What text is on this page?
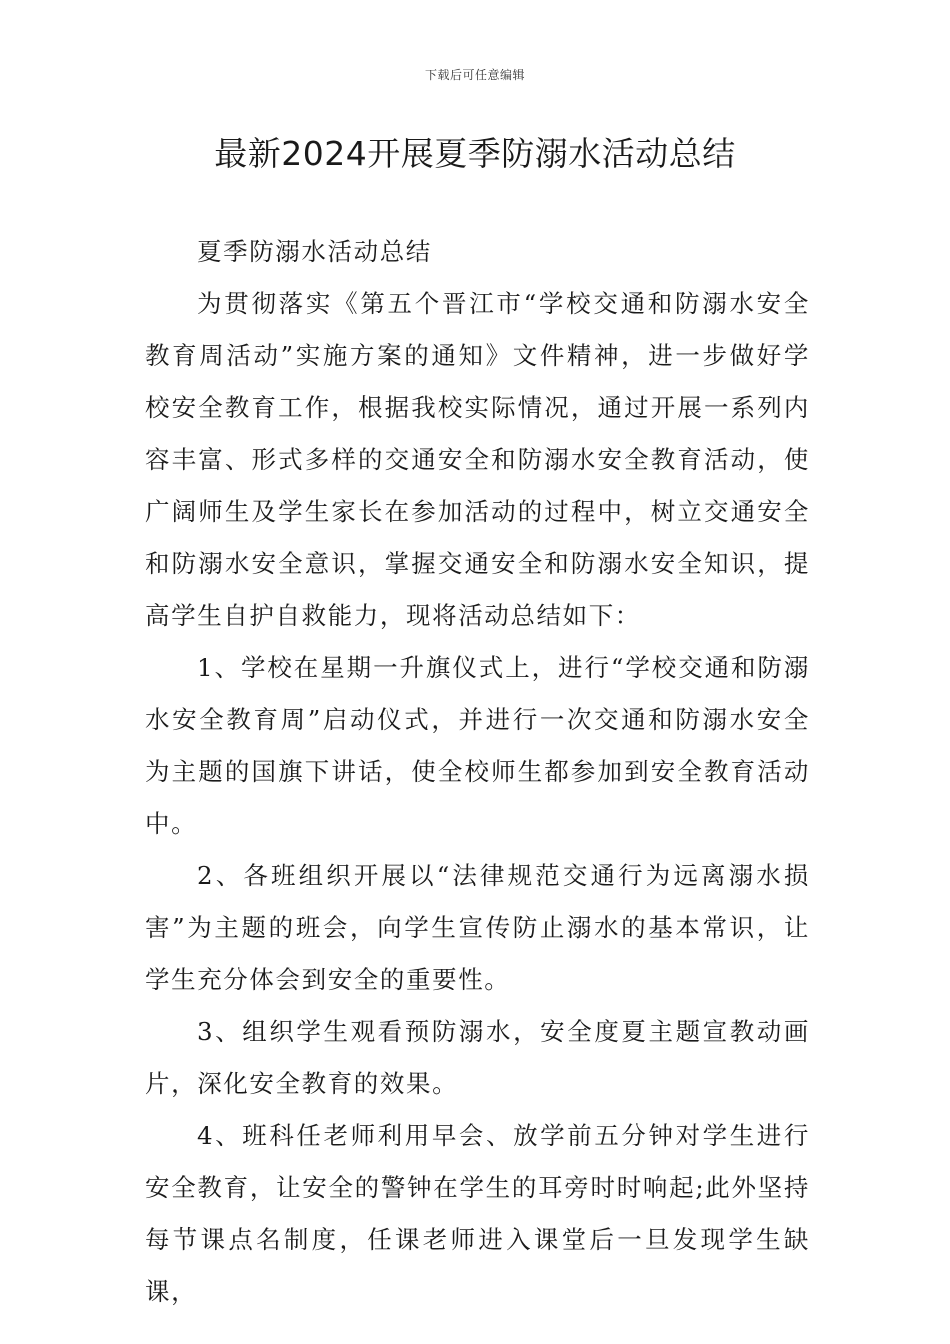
下载后可任意编辑
最新2024开展夏季防溺水活动总结

夏季防溺水活动总结

为贯彻落实《第五个晋江市“学校交通和防溺水安全教育周活动”实施方案的通知》文件精神，进一步做好学校安全教育工作，根据我校实际情况，通过开展一系列内容丰富、形式多样的交通安全和防溺水安全教育活动，使广阔师生及学生家长在参加活动的过程中，树立交通安全和防溺水安全意识，掌握交通安全和防溺水安全知识，提高学生自护自救能力，现将活动总结如下：

1、学校在星期一升旗仪式上，进行“学校交通和防溺水安全教育周”启动仪式，并进行一次交通和防溺水安全为主题的国旗下讲话，使全校师生都参加到安全教育活动中。

2、各班组织开展以“法律规范交通行为远离溺水损害”为主题的班会，向学生宣传防止溺水的基本常识，让学生充分体会到安全的重要性。

3、组织学生观看预防溺水，安全度夏主题宣教动画片，深化安全教育的效果。

4、班科任老师利用早会、放学前五分钟对学生进行安全教育，让安全的警钟在学生的耳旁时时响起;此外坚持每节课点名制度，任课老师进入课堂后一旦发现学生缺课，
